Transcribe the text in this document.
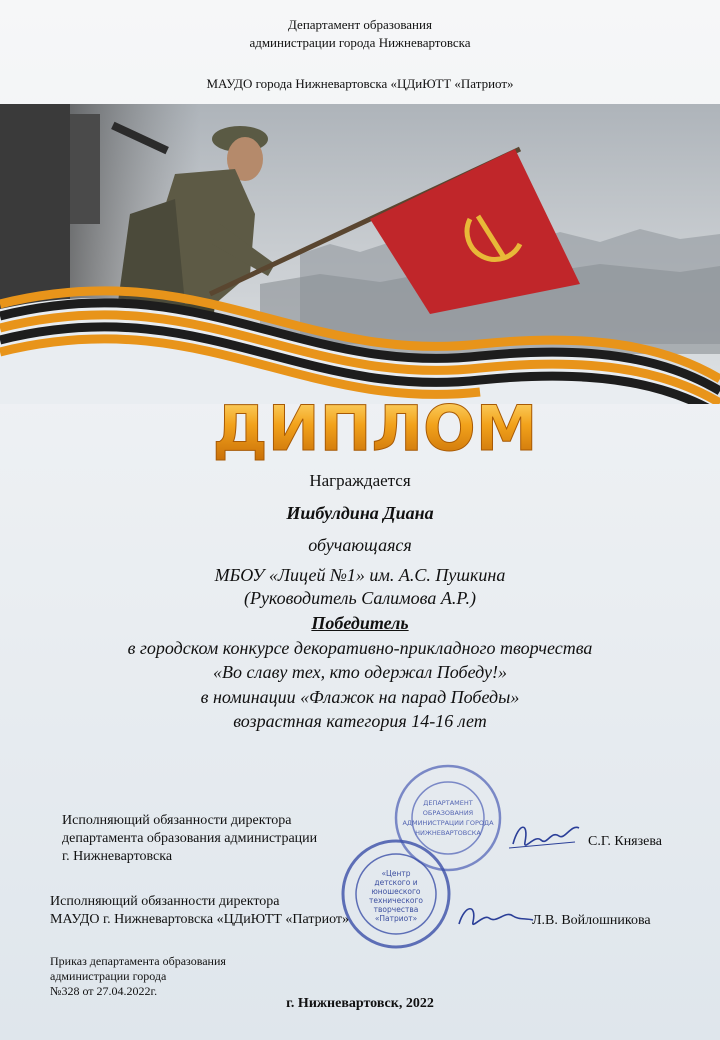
Департамент образования
администрации города Нижневартовска
МАУДО города Нижневартовска «ЦДиЮТТ «Патриот»
ДИПЛОМ
Награждается
Ишбулдина Диана
обучающаяся
МБОУ «Лицей №1» им. А.С. Пушкина
(Руководитель Салимова А.Р.)
Победитель
в городском конкурсе декоративно-прикладного творчества
«Во славу тех, кто одержал Победу!»
в номинации «Флажок на парад Победы»
возрастная категория 14-16 лет
ДЕПАРТАМЕНТ
ОБРАЗОВАНИЯ
АДМИНИСТРАЦИИ ГОРОДА
НИЖНЕВАРТОВСКА
«Центр
детского и
юношеского
технического
творчества
«Патриот»
Исполняющий обязанности директора
департамента образования администрации
г. Нижневартовска
С.Г. Князева
Исполняющий обязанности директора
МАУДО г. Нижневартовска «ЦДиЮТТ «Патриот»	Л.В. Войлошникова
Приказ департамента образования
администрации города
№328 от 27.04.2022г.
г. Нижневартовск, 2022
